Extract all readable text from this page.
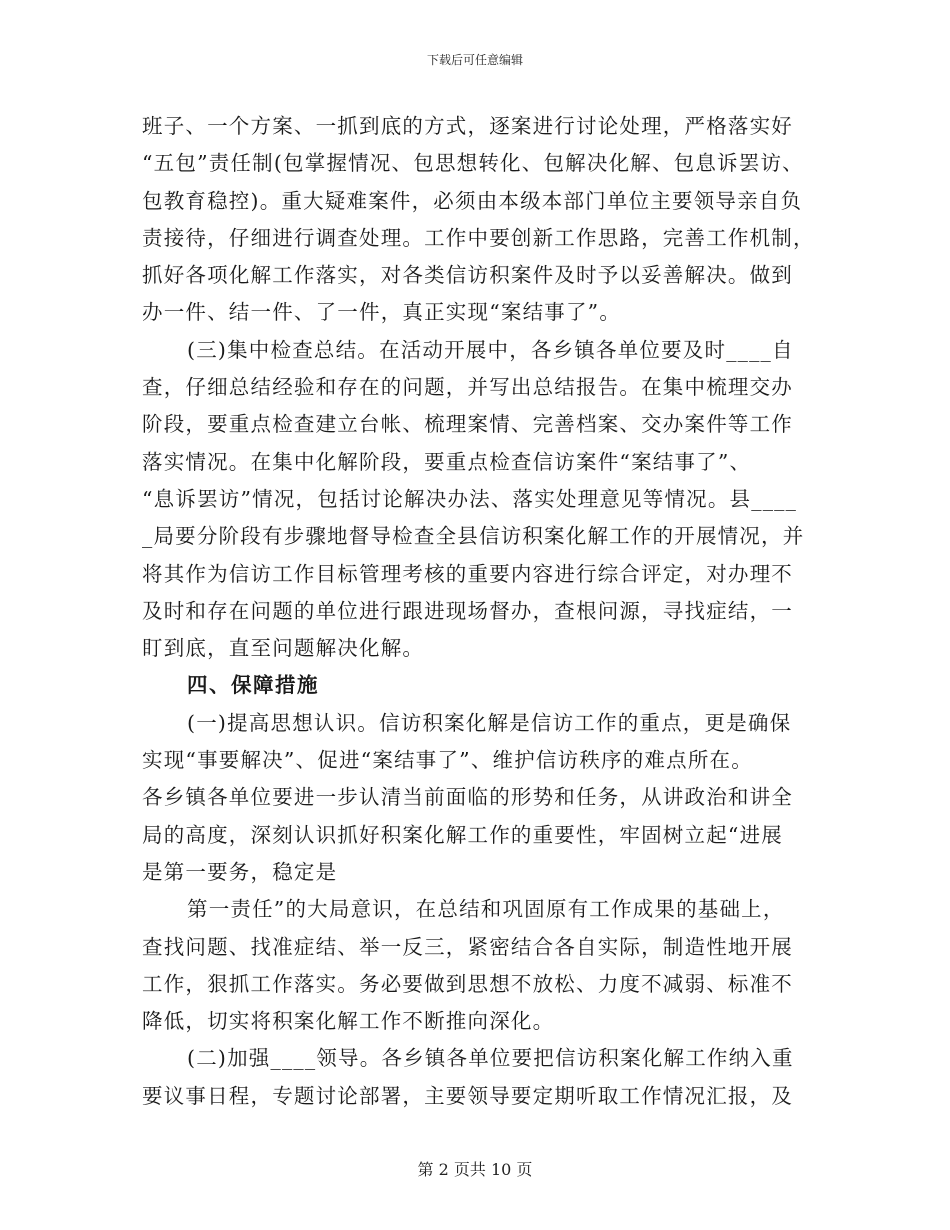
下载后可任意编辑
班子、一个方案、一抓到底的方式，逐案进行讨论处理，严格落实好
“五包”责任制(包掌握情况、包思想转化、包解决化解、包息诉罢访、
包教育稳控)。重大疑难案件，必须由本级本部门单位主要领导亲自负
责接待，仔细进行调查处理。工作中要创新工作思路，完善工作机制，
抓好各项化解工作落实，对各类信访积案件及时予以妥善解决。做到
办一件、结一件、了一件，真正实现“案结事了”。
(三)集中检查总结。在活动开展中，各乡镇各单位要及时____自
查，仔细总结经验和存在的问题，并写出总结报告。在集中梳理交办
阶段，要重点检查建立台帐、梳理案情、完善档案、交办案件等工作
落实情况。在集中化解阶段，要重点检查信访案件“案结事了”、
“息诉罢访”情况，包括讨论解决办法、落实处理意见等情况。县____
_局要分阶段有步骤地督导检查全县信访积案化解工作的开展情况，并
将其作为信访工作目标管理考核的重要内容进行综合评定，对办理不
及时和存在问题的单位进行跟进现场督办，查根问源，寻找症结，一
盯到底，直至问题解决化解。
四、保障措施
(一)提高思想认识。信访积案化解是信访工作的重点，更是确保
实现“事要解决”、促进“案结事了”、维护信访秩序的难点所在。
各乡镇各单位要进一步认清当前面临的形势和任务，从讲政治和讲全
局的高度，深刻认识抓好积案化解工作的重要性，牢固树立起“进展
是第一要务，稳定是
第一责任”的大局意识，在总结和巩固原有工作成果的基础上，
查找问题、找准症结、举一反三，紧密结合各自实际，制造性地开展
工作，狠抓工作落实。务必要做到思想不放松、力度不减弱、标准不
降低，切实将积案化解工作不断推向深化。
(二)加强____领导。各乡镇各单位要把信访积案化解工作纳入重
要议事日程，专题讨论部署，主要领导要定期听取工作情况汇报，及
第 2 页共 10 页
